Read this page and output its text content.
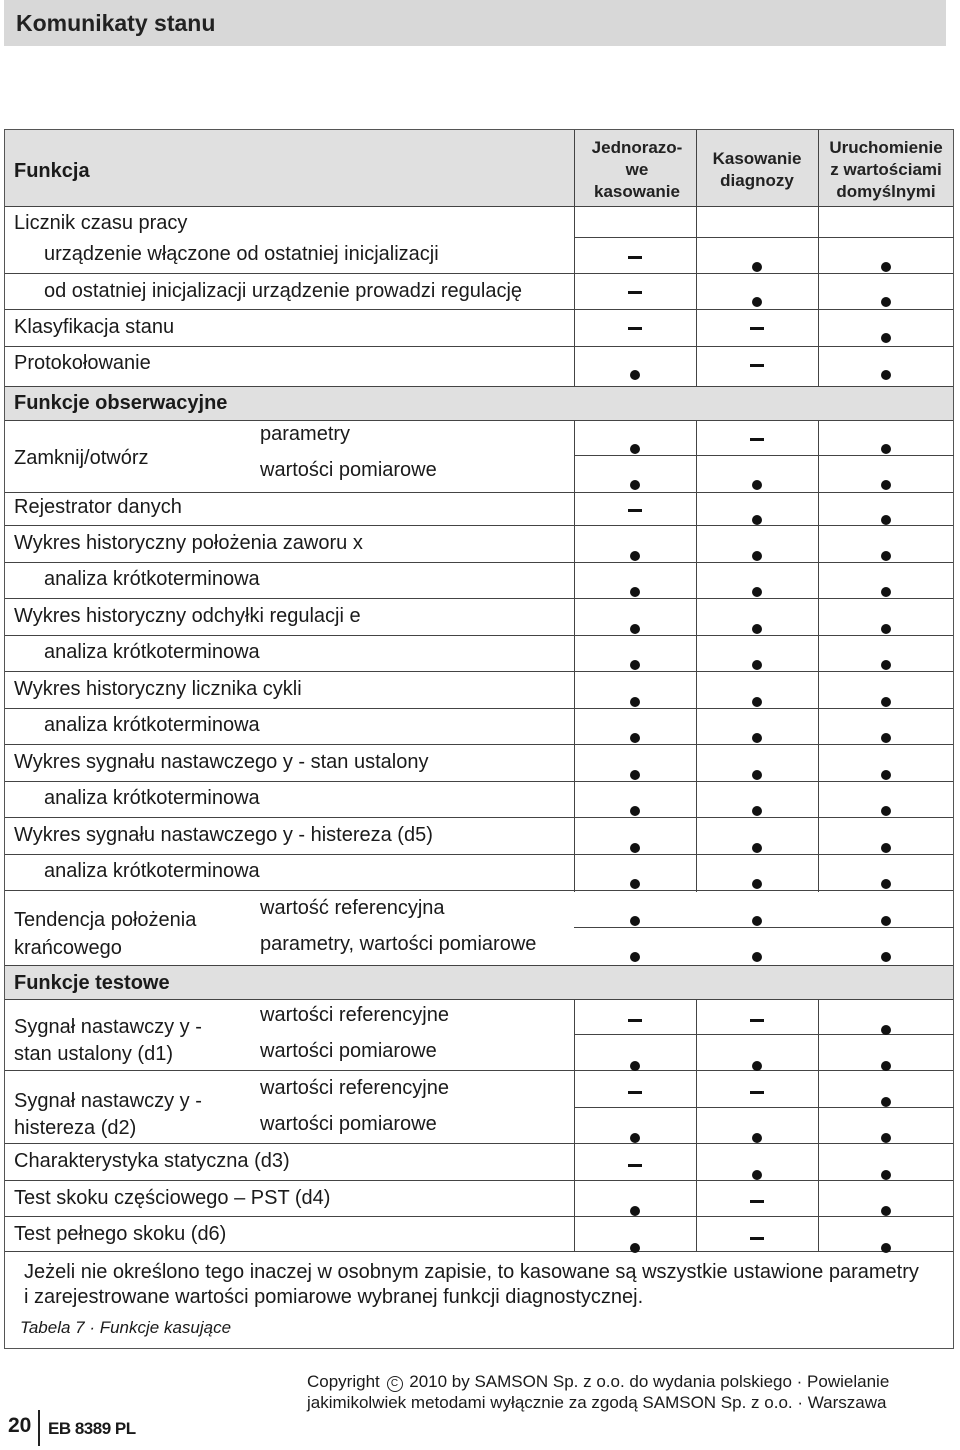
Komunikaty stanu
Funkcja
Jednorazo-
we
kasowanie
Kasowanie
diagnozy
Uruchomienie
z wartościami
domyślnymi
Licznik czasu pracy
urządzenie włączone od ostatniej inicjalizacji
od ostatniej inicjalizacji urządzenie prowadzi regulację
Klasyfikacja stanu
Protokołowanie
Funkcje obserwacyjne
Zamknij/otwórz
parametry
wartości pomiarowe
Rejestrator danych
Wykres historyczny położenia zaworu x
analiza krótkoterminowa
Wykres historyczny odchyłki regulacji e
analiza krótkoterminowa
Wykres historyczny licznika cykli
analiza krótkoterminowa
Wykres sygnału nastawczego y - stan ustalony
analiza krótkoterminowa
Wykres sygnału nastawczego y - histereza (d5)
analiza krótkoterminowa
Tendencja położenia
krańcowego
wartość referencyjna
parametry, wartości pomiarowe
Funkcje testowe
Sygnał nastawczy y -
stan ustalony (d1)
wartości referencyjne
wartości pomiarowe
Sygnał nastawczy y -
histereza (d2)
wartości referencyjne
wartości pomiarowe
Charakterystyka statyczna (d3)
Test skoku częściowego – PST (d4)
Test pełnego skoku (d6)
Jeżeli nie określono tego inaczej w osobnym zapisie, to kasowane są wszystkie ustawione parametry i zarejestrowane wartości pomiarowe wybranej funkcji diagnostycznej.
Tabela 7 · Funkcje kasujące
20 EB 8389 PL
Copyright C 2010 by SAMSON Sp. z o.o. do wydania polskiego · Powielanie
jakimikolwiek metodami wyłącznie za zgodą SAMSON Sp. z o.o. · Warszawa
